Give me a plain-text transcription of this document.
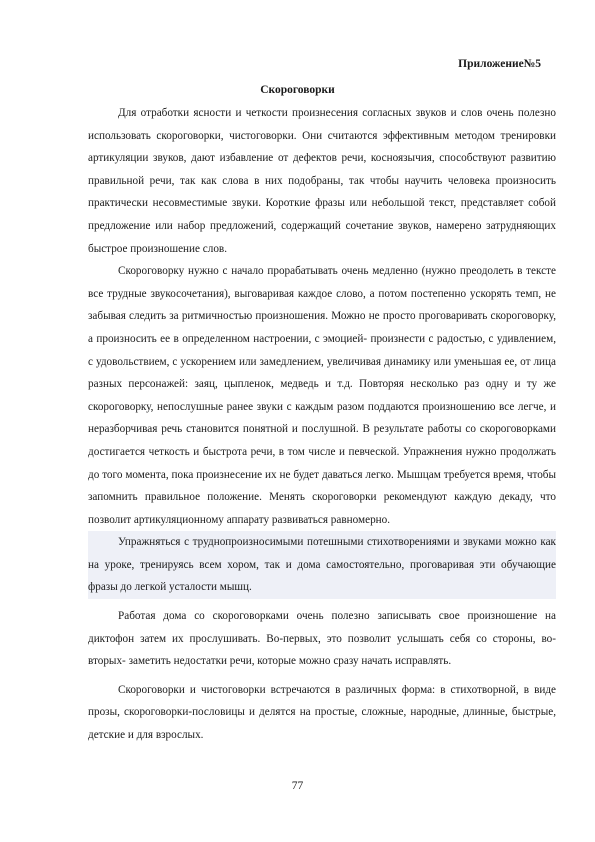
Приложение№5
Скороговорки

Для отработки ясности и четкости произнесения согласных звуков и слов очень полезно использовать скороговорки, чистоговорки. Они считаются эффективным методом тренировки артикуляции звуков, дают избавление от дефектов речи, косноязычия, способствуют развитию правильной речи, так как слова в них подобраны, так чтобы научить человека произносить практически несовместимые звуки. Короткие фразы или небольшой текст, представляет собой предложение или набор предложений, содержащий сочетание звуков, намерено затрудняющих быстрое произношение слов.

Скороговорку нужно с начало прорабатывать очень медленно (нужно преодолеть в тексте все трудные звукосочетания), выговаривая каждое слово, а потом постепенно ускорять темп, не забывая следить за ритмичностью произношения. Можно не просто проговаривать скороговорку, а произносить ее в определенном настроении, с эмоцией- произнести с радостью, с удивлением, с удовольствием, с ускорением или замедлением, увеличивая динамику или уменьшая ее, от лица разных персонажей: заяц, цыпленок, медведь и т.д. Повторяя несколько раз одну и ту же скороговорку, непослушные ранее звуки с каждым разом поддаются произношению все легче, и неразборчивая речь становится понятной и послушной. В результате работы со скороговорками достигается четкость и быстрота речи, в том числе и певческой. Упражнения нужно продолжать до того момента, пока произнесение их не будет даваться легко. Мышцам требуется время, чтобы запомнить правильное положение. Менять скороговорки рекомендуют каждую декаду, что позволит артикуляционному аппарату развиваться равномерно.

Упражняться с труднопроизносимыми потешными стихотворениями и звуками можно как на уроке, тренируясь всем хором, так и дома самостоятельно, проговаривая эти обучающие фразы до легкой усталости мышц.

Работая дома со скороговорками очень полезно записывать свое произношение на диктофон затем их прослушивать. Во-первых, это позволит услышать себя со стороны, во-вторых- заметить недостатки речи, которые можно сразу начать исправлять.

Скороговорки и чистоговорки встречаются в различных форма: в стихотворной, в виде прозы, скороговорки-пословицы и делятся на простые, сложные, народные, длинные, быстрые, детские и для взрослых.

77
